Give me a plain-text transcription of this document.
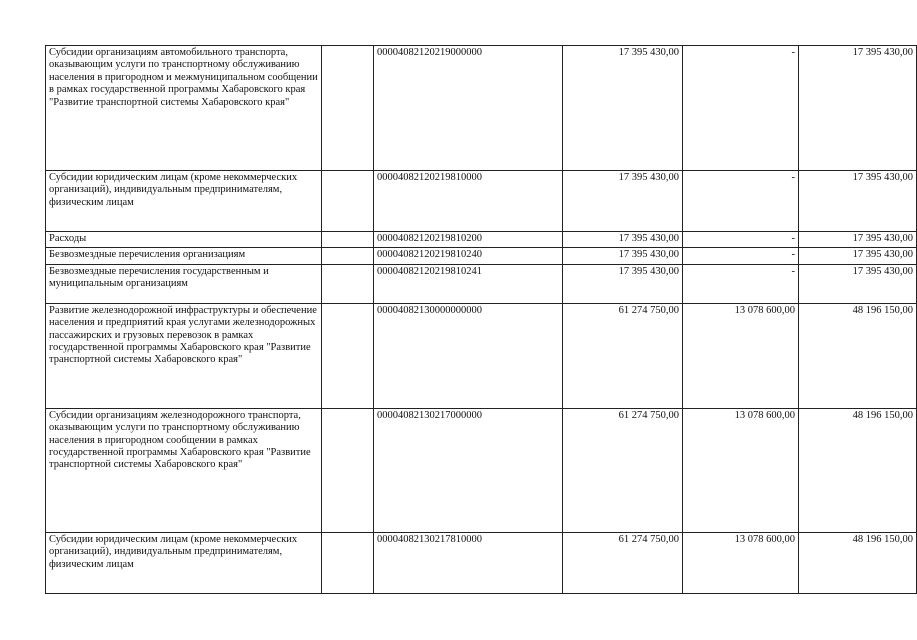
Субсидии организациям автомобильного транспорта, оказывающим услуги по транспортному обслуживанию населения в пригородном и межмуниципальном сообщении в рамках государственной программы Хабаровского края "Развитие транспортной системы Хабаровского края"		00004082120219000000	17 395 430,00	-	17 395 430,00
Субсидии юридическим лицам (кроме некоммерческих организаций), индивидуальным предпринимателям, физическим лицам		00004082120219810000	17 395 430,00	-	17 395 430,00
Расходы		00004082120219810200	17 395 430,00	-	17 395 430,00
Безвозмездные перечисления организациям		00004082120219810240	17 395 430,00	-	17 395 430,00
Безвозмездные перечисления государственным и муниципальным организациям		00004082120219810241	17 395 430,00	-	17 395 430,00
Развитие железнодорожной инфраструктуры и обеспечение населения и предприятий края услугами железнодорожных пассажирских и грузовых перевозок в рамках государственной программы Хабаровского края "Развитие транспортной системы Хабаровского края"		00004082130000000000	61 274 750,00	13 078 600,00	48 196 150,00
Субсидии организациям железнодорожного транспорта, оказывающим услуги по транспортному обслуживанию населения в пригородном сообщении в рамках государственной программы Хабаровского края "Развитие транспортной системы Хабаровского края"		00004082130217000000	61 274 750,00	13 078 600,00	48 196 150,00
Субсидии юридическим лицам (кроме некоммерческих организаций), индивидуальным предпринимателям, физическим лицам		00004082130217810000	61 274 750,00	13 078 600,00	48 196 150,00
